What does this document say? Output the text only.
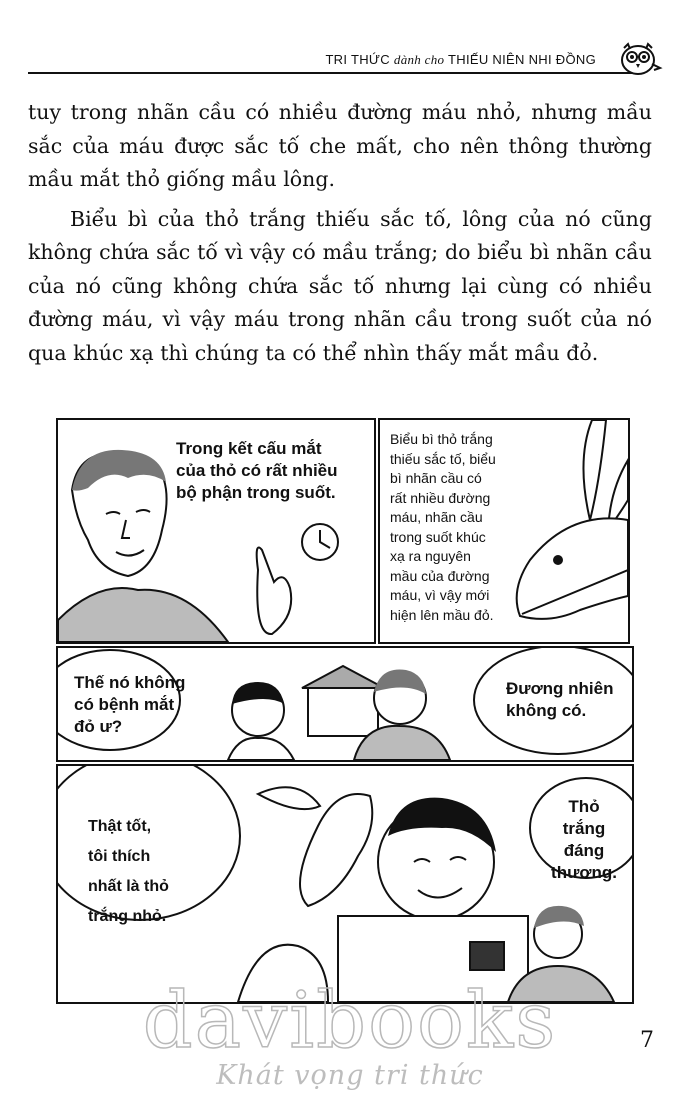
TRI THỨC dành cho THIẾU NIÊN NHI ĐỒNG

tuy trong nhãn cầu có nhiều đường máu nhỏ, nhưng mầu sắc của máu được sắc tố che mất, cho nên thông thường mầu mắt thỏ giống mầu lông.

Biểu bì của thỏ trắng thiếu sắc tố, lông của nó cũng không chứa sắc tố vì vậy có mầu trắng; do biểu bì nhãn cầu của nó cũng không chứa sắc tố nhưng lại cùng có nhiều đường máu, vì vậy máu trong nhãn cầu trong suốt của nó qua khúc xạ thì chúng ta có thể nhìn thấy mắt mầu đỏ.

Trong kết cấu mắt
của thỏ có rất nhiều
bộ phận trong suốt.
Biểu bì thỏ trắng
thiếu sắc tố, biểu
bì nhãn cầu có
rất nhiều đường
máu, nhãn cầu
trong suốt khúc
xạ ra nguyên
mầu của đường
máu, vì vậy mới
hiện lên mầu đỏ.
Thế nó không
có bệnh mắt
đỏ ư?
Đương nhiên
không có.
Thật tốt,
tôi thích
nhất là thỏ
trắng nhỏ.
Thỏ trắng
đáng
thương.
davibooks
Khát vọng tri thức
7
